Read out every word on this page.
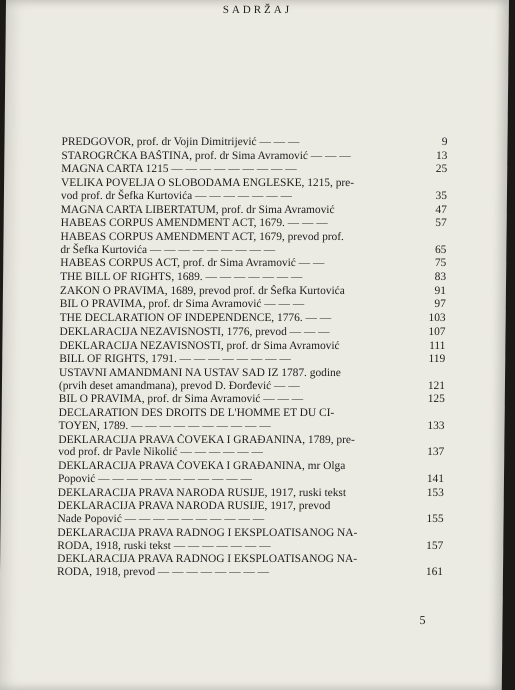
SADRŽAJ
PREDGOVOR, prof. dr Vojin Dimitrijević — — —	9
STAROGRČKA BAŠTINA, prof. dr Sima Avramović — — —	13
MAGNA CARTA 1215 — — — — — — — — —	25
VELIKA POVELJA O SLOBODAMA ENGLESKE, 1215, pre-
vod prof. dr Šefka Kurtovića — — — — — — —	35
MAGNA CARTA LIBERTATUM, prof. dr Sima Avramović	47
HABEAS CORPUS AMENDMENT ACT, 1679. — — —	57
HABEAS CORPUS AMENDMENT ACT, 1679, prevod prof.
dr Šefka Kurtovića — — — — — — — — —	65
HABEAS CORPUS ACT, prof. dr Sima Avramović — —	75
THE BILL OF RIGHTS, 1689. — — — — — — —	83
ZAKON O PRAVIMA, 1689, prevod prof. dr Šefka Kurtovića	91
BIL O PRAVIMA, prof. dr Sima Avramović — — —	97
THE DECLARATION OF INDEPENDENCE, 1776. — —	103
DEKLARACIJA NEZAVISNOSTI, 1776, prevod — — —	107
DEKLARACIJA NEZAVISNOSTI, prof. dr Sima Avramović	111
BILL OF RIGHTS, 1791. — — — — — — — —	119
USTAVNI AMANDMANI NA USTAV SAD IZ 1787. godine
(prvih deset amandmana), prevod D. Đorđević — —	121
BIL O PRAVIMA, prof. dr Sima Avramović — — —	125
DECLARATION DES DROITS DE L'HOMME ET DU CI-
TOYEN, 1789. — — — — — — — — — —	133
DEKLARACIJA PRAVA ČOVEKA I GRAĐANINA, 1789, pre-
vod prof. dr Pavle Nikolić — — — — — —	137
DEKLARACIJA PRAVA ČOVEKA I GRAĐANINA, mr Olga
Popović — — — — — — — — — — —	141
DEKLARACIJA PRAVA NARODA RUSIJE, 1917, ruski tekst	153
DEKLARACIJA PRAVA NARODA RUSIJE, 1917, prevod
Nade Popović — — — — — — — — — —	155
DEKLARACIJA PRAVA RADNOG I EKSPLOATISANOG NA-
RODA, 1918, ruski tekst — — — — — — —	157
DEKLARACIJA PRAVA RADNOG I EKSPLOATISANOG NA-
RODA, 1918, prevod — — — — — — — —	161
5
